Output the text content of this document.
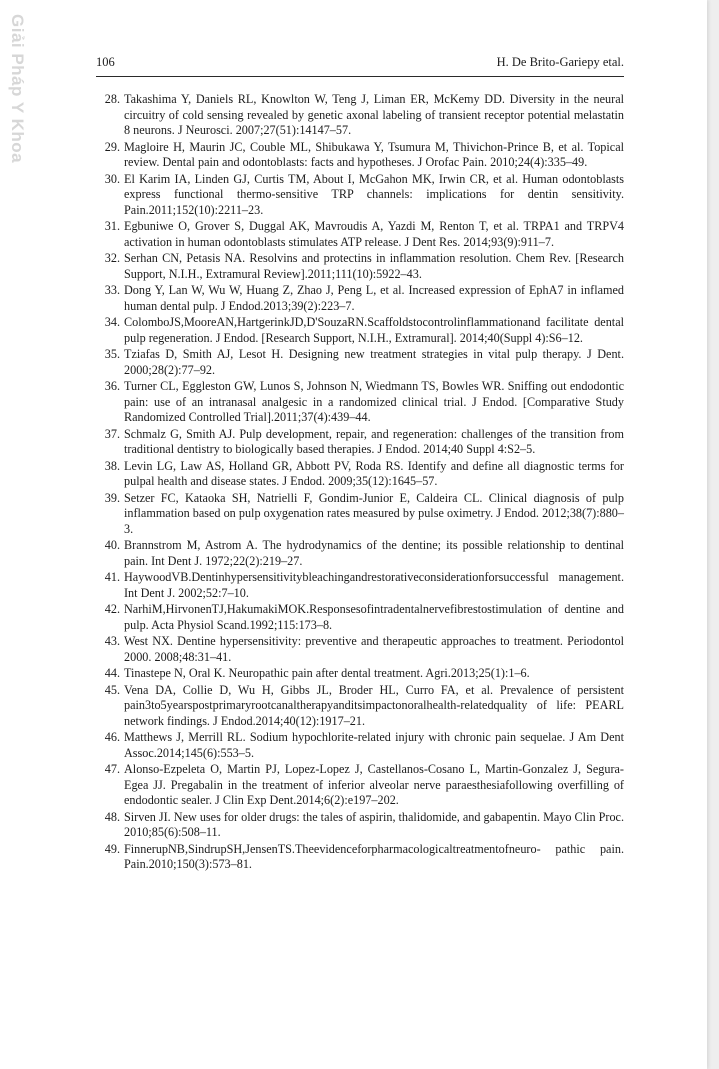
Giải Pháp Y Khoa	106	H. De Brito-Gariepy etal.
28. Takashima Y, Daniels RL, Knowlton W, Teng J, Liman ER, McKemy DD. Diversity in the neural circuitry of cold sensing revealed by genetic axonal labeling of transient receptor potential melastatin 8 neurons. J Neurosci. 2007;27(51):14147–57.
29. Magloire H, Maurin JC, Couble ML, Shibukawa Y, Tsumura M, Thivichon-Prince B, et al. Topical review. Dental pain and odontoblasts: facts and hypotheses. J Orofac Pain. 2010;24(4):335–49.
30. El Karim IA, Linden GJ, Curtis TM, About I, McGahon MK, Irwin CR, et al. Human odontoblasts express functional thermo-sensitive TRP channels: implications for dentin sensitivity. Pain.2011;152(10):2211–23.
31. Egbuniwe O, Grover S, Duggal AK, Mavroudis A, Yazdi M, Renton T, et al. TRPA1 and TRPV4 activation in human odontoblasts stimulates ATP release. J Dent Res. 2014;93(9):911–7.
32. Serhan CN, Petasis NA. Resolvins and protectins in inflammation resolution. Chem Rev. [Research Support, N.I.H., Extramural Review].2011;111(10):5922–43.
33. Dong Y, Lan W, Wu W, Huang Z, Zhao J, Peng L, et al. Increased expression of EphA7 in inflamed human dental pulp. J Endod.2013;39(2):223–7.
34. ColomboJS,MooreAN,HartgerinkJD,D'SouzaRN.Scaffoldstocontrolinflammationand facilitate dental pulp regeneration. J Endod. [Research Support, N.I.H., Extramural]. 2014;40(Suppl 4):S6–12.
35. Tziafas D, Smith AJ, Lesot H. Designing new treatment strategies in vital pulp therapy. J Dent. 2000;28(2):77–92.
36. Turner CL, Eggleston GW, Lunos S, Johnson N, Wiedmann TS, Bowles WR. Sniffing out endodontic pain: use of an intranasal analgesic in a randomized clinical trial. J Endod. [Comparative Study Randomized Controlled Trial].2011;37(4):439–44.
37. Schmalz G, Smith AJ. Pulp development, repair, and regeneration: challenges of the transition from traditional dentistry to biologically based therapies. J Endod. 2014;40 Suppl 4:S2–5.
38. Levin LG, Law AS, Holland GR, Abbott PV, Roda RS. Identify and define all diagnostic terms for pulpal health and disease states. J Endod. 2009;35(12):1645–57.
39. Setzer FC, Kataoka SH, Natrielli F, Gondim-Junior E, Caldeira CL. Clinical diagnosis of pulp inflammation based on pulp oxygenation rates measured by pulse oximetry. J Endod. 2012;38(7):880–3.
40. Brannstrom M, Astrom A. The hydrodynamics of the dentine; its possible relationship to dentinal pain. Int Dent J. 1972;22(2):219–27.
41. HaywoodVB.Dentinhypersensitivitybleachingandrestorativeconsiderationforsuccessful management. Int Dent J. 2002;52:7–10.
42. NarhiM,HirvonenTJ,HakumakiMOK.Responsesofintradentalnervefibrestostimulation of dentine and pulp. Acta Physiol Scand.1992;115:173–8.
43. West NX. Dentine hypersensitivity: preventive and therapeutic approaches to treatment. Periodontol 2000. 2008;48:31–41.
44. Tinastepe N, Oral K. Neuropathic pain after dental treatment. Agri.2013;25(1):1–6.
45. Vena DA, Collie D, Wu H, Gibbs JL, Broder HL, Curro FA, et al. Prevalence of persistent pain3to5yearspostprimaryrootcanaltherapyanditsimpactonoralhealth-relatedquality of life: PEARL network findings. J Endod.2014;40(12):1917–21.
46. Matthews J, Merrill RL. Sodium hypochlorite-related injury with chronic pain sequelae. J Am Dent Assoc.2014;145(6):553–5.
47. Alonso-Ezpeleta O, Martin PJ, Lopez-Lopez J, Castellanos-Cosano L, Martin-Gonzalez J, Segura-Egea JJ. Pregabalin in the treatment of inferior alveolar nerve paraesthesiafollowing overfilling of endodontic sealer. J Clin Exp Dent.2014;6(2):e197–202.
48. Sirven JI. New uses for older drugs: the tales of aspirin, thalidomide, and gabapentin. Mayo Clin Proc. 2010;85(6):508–11.
49. FinnerupNB,SindrupSH,JensenTS.Theevidenceforpharmacologicaltreatmentofneuro- pathic pain. Pain.2010;150(3):573–81.
